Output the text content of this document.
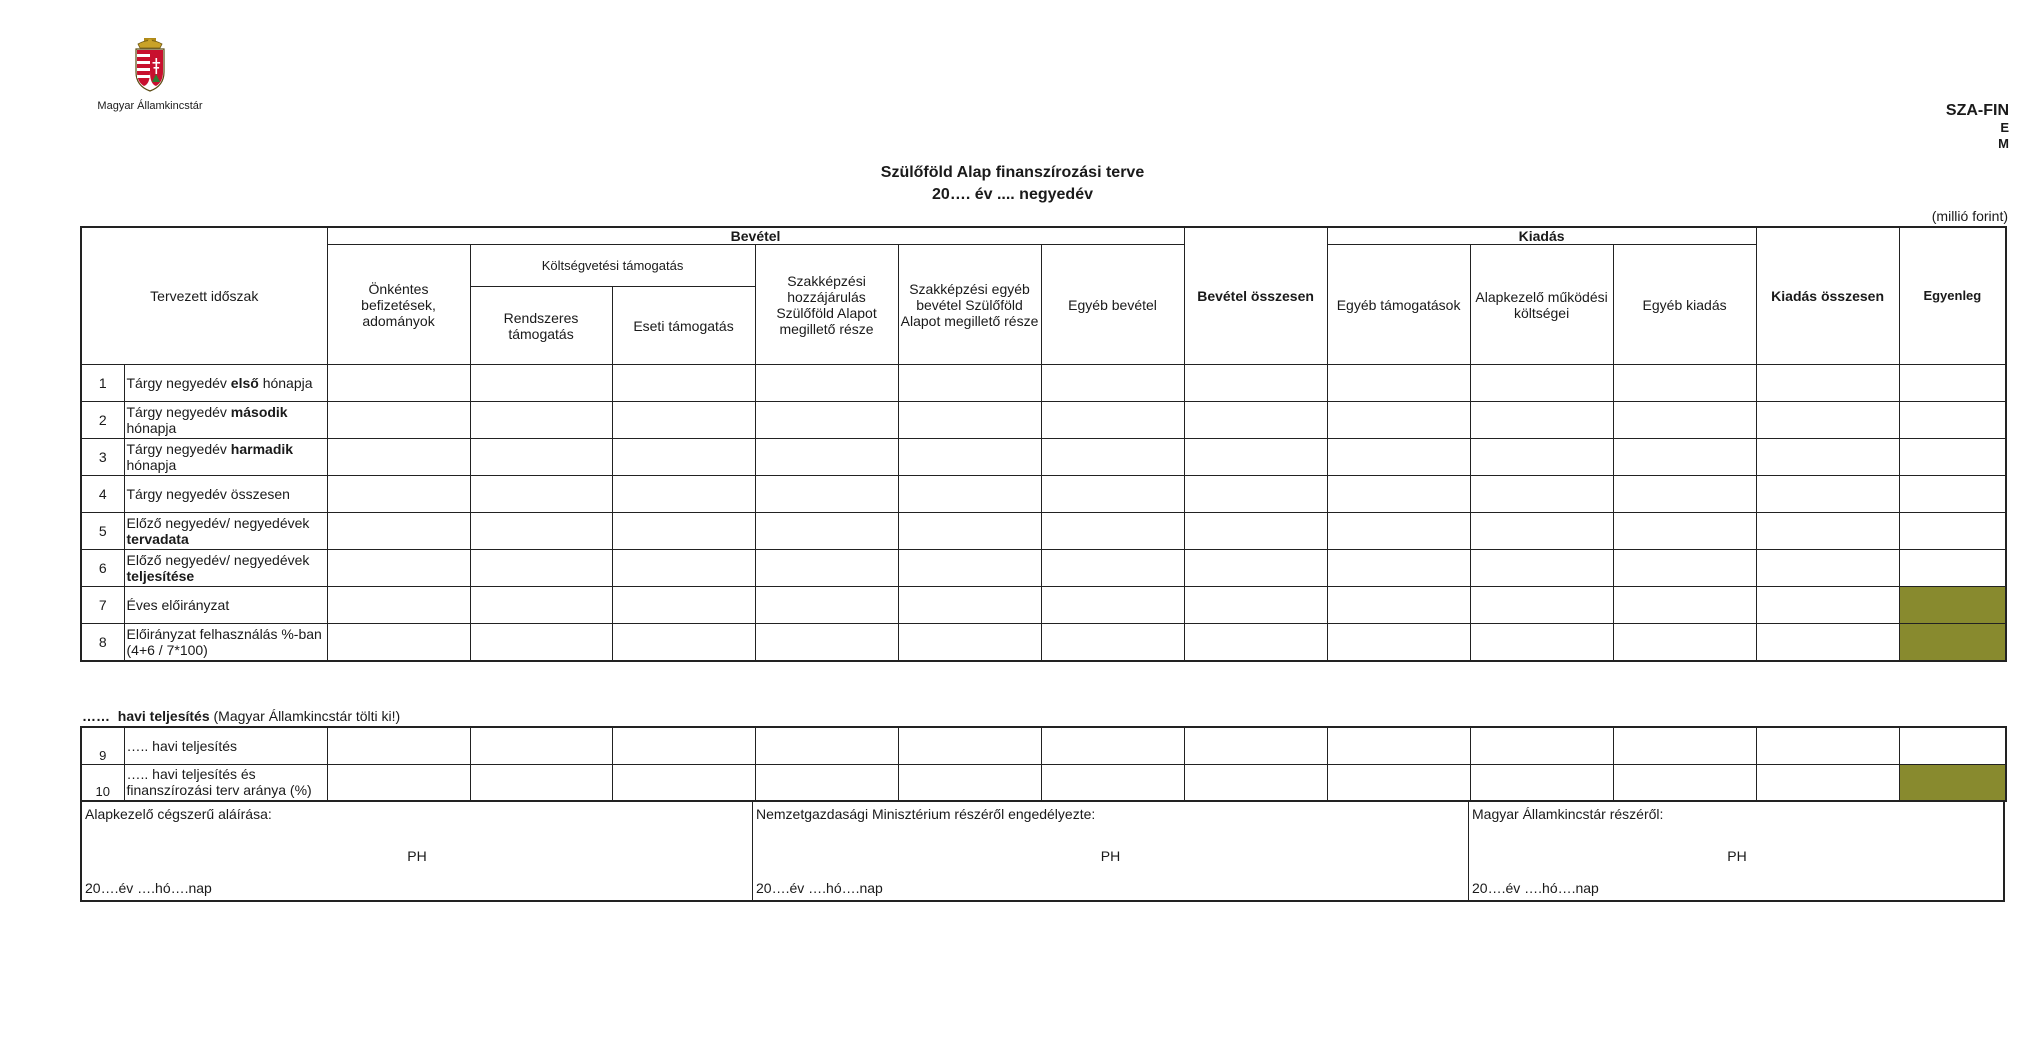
Magyar Államkincstár	SZA-FIN
E
M
Szülőföld Alap finanszírozási terve
20…. év .... negyedév
(millió forint)
Tervezett időszak		Bevétel						Bevétel összesen	Kiadás			Kiadás összesen	Egyenleg
		Önkéntes befizetések, adományok	Költségvetési támogatás		Szakképzési hozzájárulás Szülőföld Alapot megillető része	Szakképzési egyéb bevétel Szülőföld Alapot megillető része	Egyéb bevétel		Egyéb támogatások	Alapkezelő működési költségei	Egyéb kiadás		
			Rendszeres támogatás	Eseti támogatás									
1	Tárgy negyedév első hónapja												
2	Tárgy negyedév második hónapja												
3	Tárgy negyedév harmadik hónapja												
4	Tárgy negyedév összesen												
5	Előző negyedév/ negyedévek tervadata												
6	Előző negyedév/ negyedévek teljesítése												
7	Éves előirányzat												
8	Előirányzat felhasználás %-ban (4+6 / 7*100)												
…… havi teljesítés (Magyar Államkincstár tölti ki!)
9	….. havi teljesítés												
10	….. havi teljesítés és finanszírozási terv aránya (%)												
Alapkezelő cégszerű aláírása:
PH
20….év ….hó….nap
Nemzetgazdasági Minisztérium részéről engedélyezte:
PH
20….év ….hó….nap
Magyar Államkincstár részéről:
PH
20….év ….hó….nap
